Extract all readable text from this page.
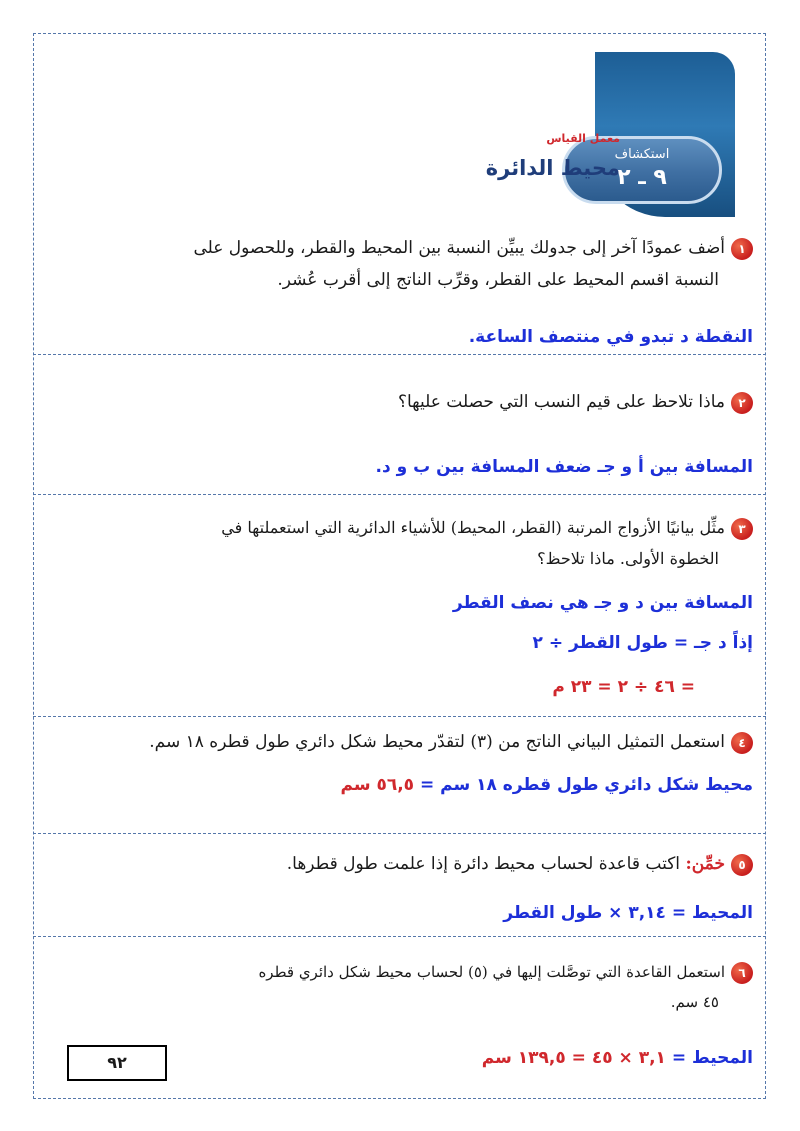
استكشاف
٩ ـ ٢
معمل القياس
محيط الدائرة
١أضف عمودًا آخر إلى جدولك يبيِّن النسبة بين المحيط والقطر، وللحصول على
النسبة اقسم المحيط على القطر، وقرِّب الناتج إلى أقرب عُشر.
النقطة د تبدو في منتصف الساعة.
٢ماذا تلاحظ على قيم النسب التي حصلت عليها؟
المسافة بين أ و جـ ضعف المسافة بين ب و د.
٣مثِّل بيانيًا الأزواج المرتبة (القطر، المحيط) للأشياء الدائرية التي استعملتها في
الخطوة الأولى. ماذا تلاحظ؟
المسافة بين د و جـ هي نصف القطر
إذاً د جـ = طول القطر ÷ ٢
= ٤٦ ÷ ٢ = ٢٣ م
٤استعمل التمثيل البياني الناتج من (٣) لتقدّر محيط شكل دائري طول قطره ١٨ سم.
محيط شكل دائري طول قطره ١٨ سم = ٥٦,٥ سم
٥خمِّن: اكتب قاعدة لحساب محيط دائرة إذا علمت طول قطرها.
المحيط = ٣,١٤ × طول القطر
٦استعمل القاعدة التي توصَّلت إليها في (٥) لحساب محيط شكل دائري قطره
٤٥ سم.
المحيط = ٣,١ × ٤٥ = ١٣٩,٥ سم
٩٢
